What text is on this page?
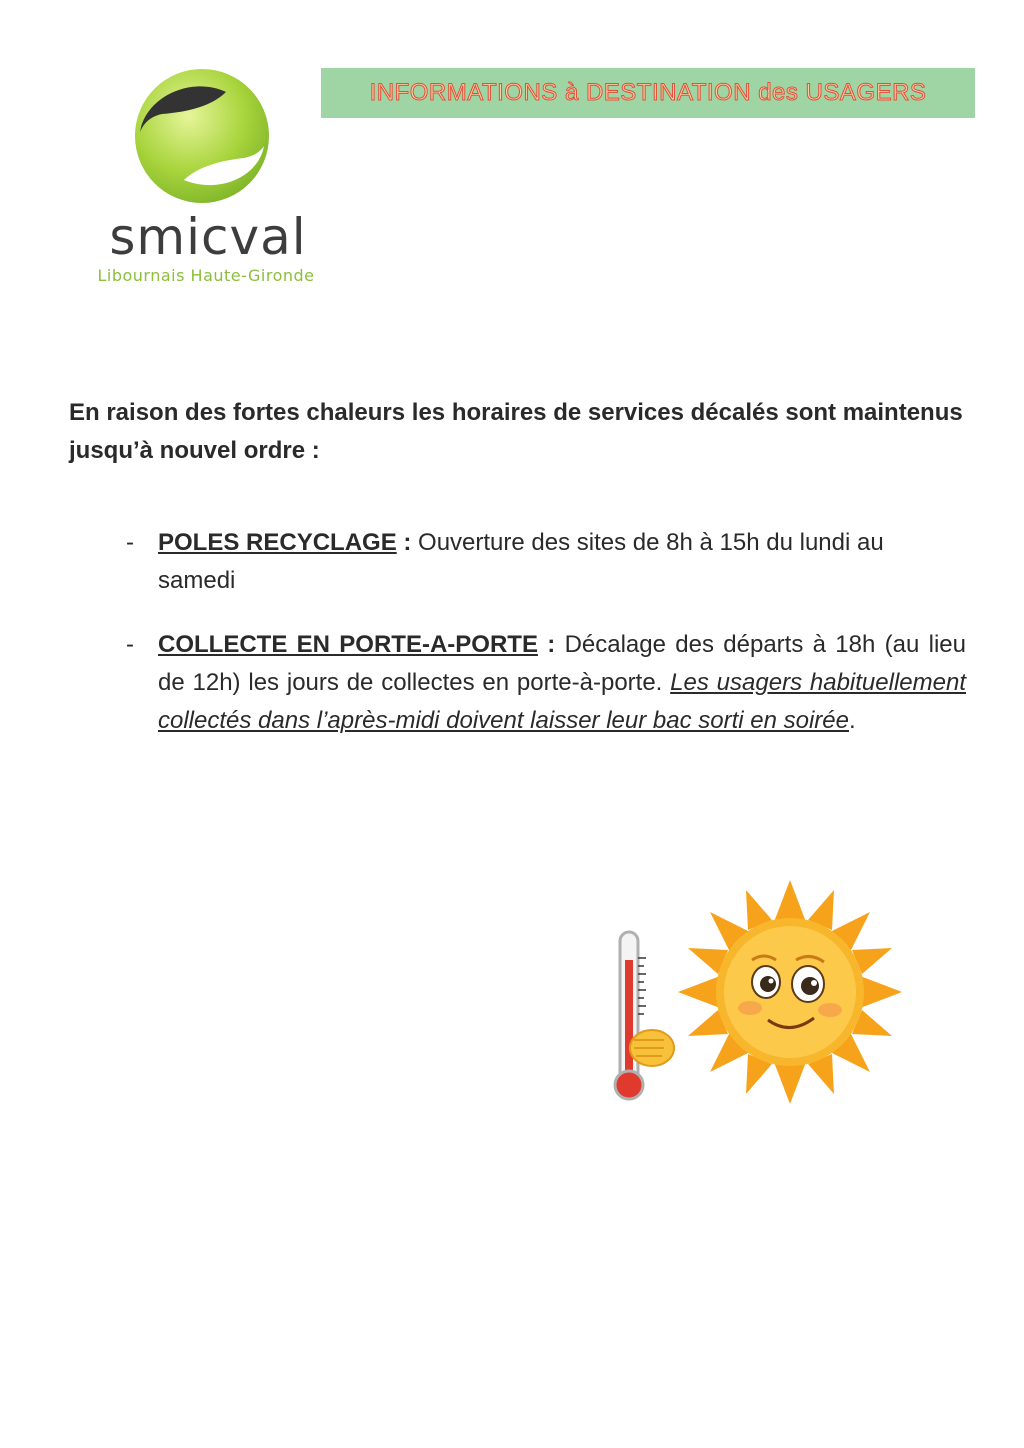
smicval
Libournais Haute-Gironde
INFORMATIONS à DESTINATION des USAGERS
En raison des fortes chaleurs les horaires de services décalés sont maintenus jusqu’à nouvel ordre :
- POLES RECYCLAGE : Ouverture des sites de 8h à 15h du lundi au samedi
- COLLECTE EN PORTE-A-PORTE : Décalage des départs à 18h (au lieu de 12h) les jours de collectes en porte-à-porte. Les usagers habituellement collectés dans l’après-midi doivent laisser leur bac sorti en soirée.
